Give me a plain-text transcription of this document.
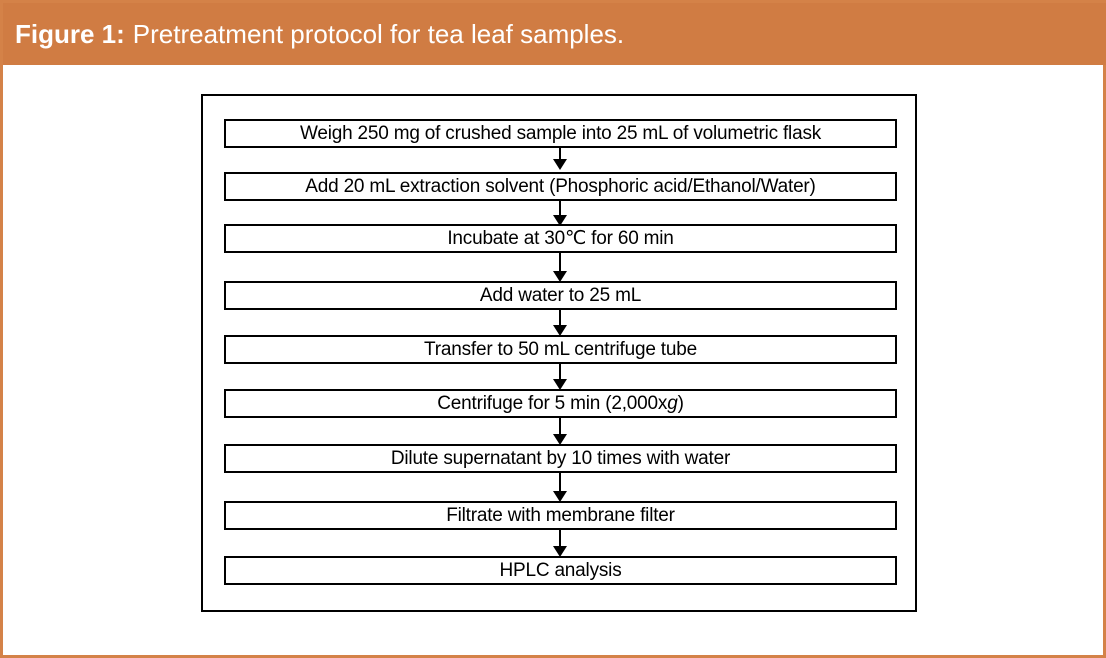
Figure 1: Pretreatment protocol for tea leaf samples.
Weigh 250 mg of crushed sample into 25 mL of volumetric flask
Add 20 mL extraction solvent (Phosphoric acid/Ethanol/Water)
Incubate at 30℃ for 60 min
Add water to 25 mL
Transfer to 50 mL centrifuge tube
Centrifuge for 5 min (2,000x g )
Dilute supernatant by 10 times with water
Filtrate with membrane filter
HPLC analysis
